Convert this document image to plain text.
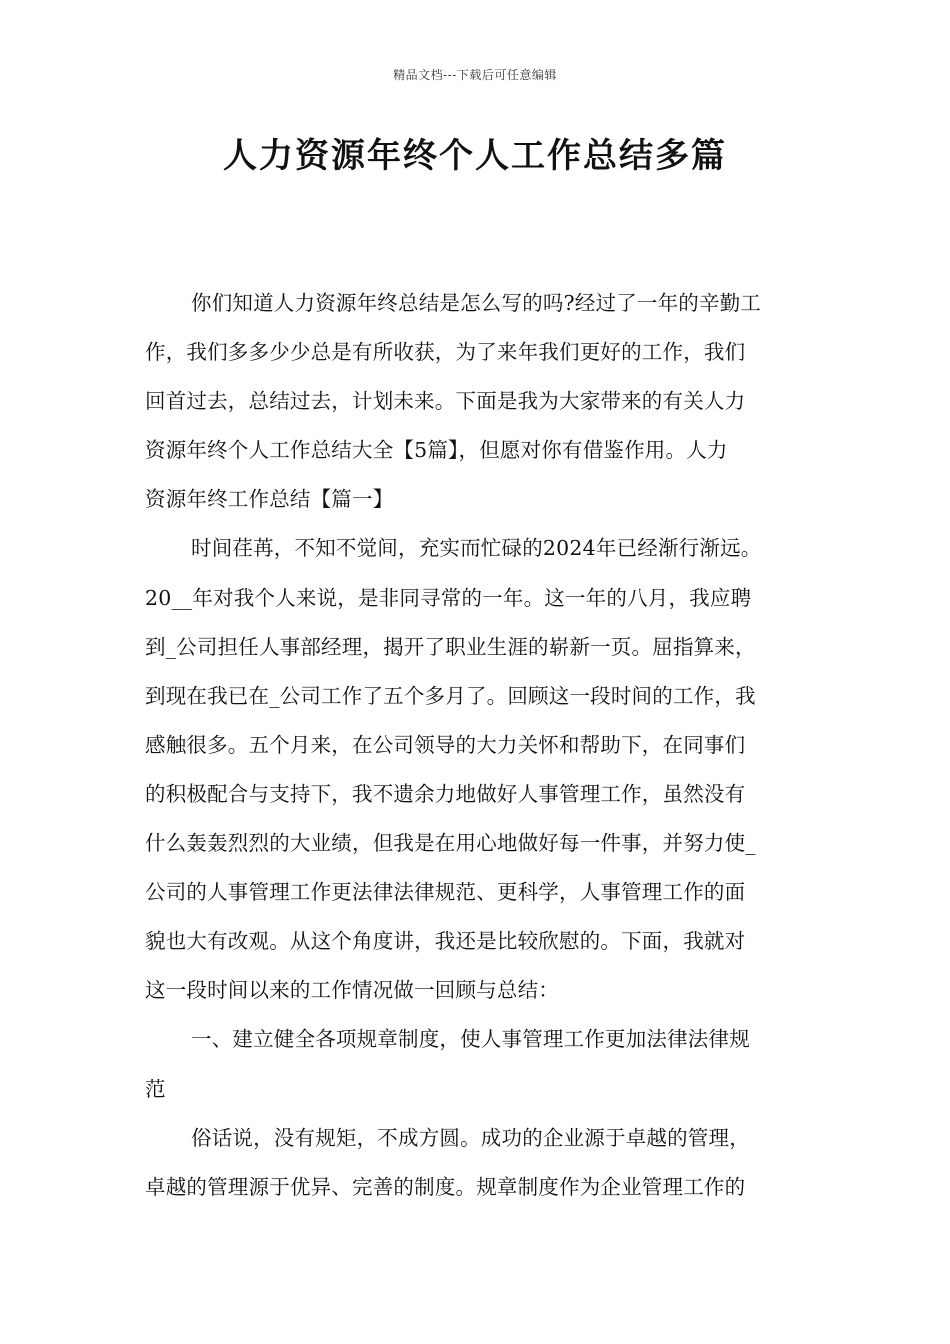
精品文档---下载后可任意编辑
人力资源年终个人工作总结多篇
你们知道人力资源年终总结是怎么写的吗?经过了一年的辛勤工
作，我们多多少少总是有所收获，为了来年我们更好的工作，我们
回首过去，总结过去，计划未来。下面是我为大家带来的有关人力
资源年终个人工作总结大全【5篇】，但愿对你有借鉴作用。人力
资源年终工作总结【篇一】
时间荏苒，不知不觉间，充实而忙碌的2024年已经渐行渐远。
20__年对我个人来说，是非同寻常的一年。这一年的八月，我应聘
到_公司担任人事部经理，揭开了职业生涯的崭新一页。屈指算来，
到现在我已在_公司工作了五个多月了。回顾这一段时间的工作，我
感触很多。五个月来，在公司领导的大力关怀和帮助下，在同事们
的积极配合与支持下，我不遗余力地做好人事管理工作，虽然没有
什么轰轰烈烈的大业绩，但我是在用心地做好每一件事，并努力使_
公司的人事管理工作更法律法律规范、更科学，人事管理工作的面
貌也大有改观。从这个角度讲，我还是比较欣慰的。下面，我就对
这一段时间以来的工作情况做一回顾与总结：
一、建立健全各项规章制度，使人事管理工作更加法律法律规
范
俗话说，没有规矩，不成方圆。成功的企业源于卓越的管理，
卓越的管理源于优异、完善的制度。规章制度作为企业管理工作的
